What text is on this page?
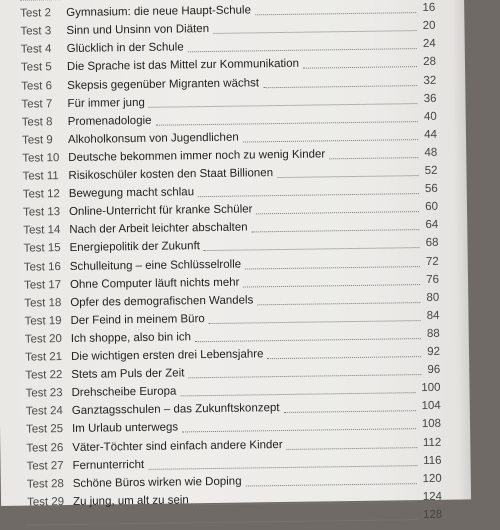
Test 2 Gymnasium: die neue Haupt-Schule	16
Test 3 Sinn und Unsinn von Diäten	20
Test 4 Glücklich in der Schule	24
Test 5 Die Sprache ist das Mittel zur Kommunikation	28
Test 6 Skepsis gegenüber Migranten wächst	32
Test 7 Für immer jung	36
Test 8 Promenadologie	40
Test 9 Alkoholkonsum von Jugendlichen	44
Test 10 Deutsche bekommen immer noch zu wenig Kinder	48
Test 11 Risikoschüler kosten den Staat Billionen	52
Test 12 Bewegung macht schlau	56
Test 13 Online-Unterricht für kranke Schüler	60
Test 14 Nach der Arbeit leichter abschalten	64
Test 15 Energiepolitik der Zukunft	68
Test 16 Schulleitung – eine Schlüsselrolle	72
Test 17 Ohne Computer läuft nichts mehr	76
Test 18 Opfer des demografischen Wandels	80
Test 19 Der Feind in meinem Büro	84
Test 20 Ich shoppe, also bin ich	88
Test 21 Die wichtigen ersten drei Lebensjahre	92
Test 22 Stets am Puls der Zeit	96
Test 23 Drehscheibe Europa	100
Test 24 Ganztagsschulen – das Zukunftskonzept	104
Test 25 Im Urlaub unterwegs	108
Test 26 Väter-Töchter sind einfach andere Kinder	112
Test 27 Fernunterricht	116
Test 28 Schöne Büros wirken wie Doping	120
Test 29 Zu jung, um alt zu sein	124
128
